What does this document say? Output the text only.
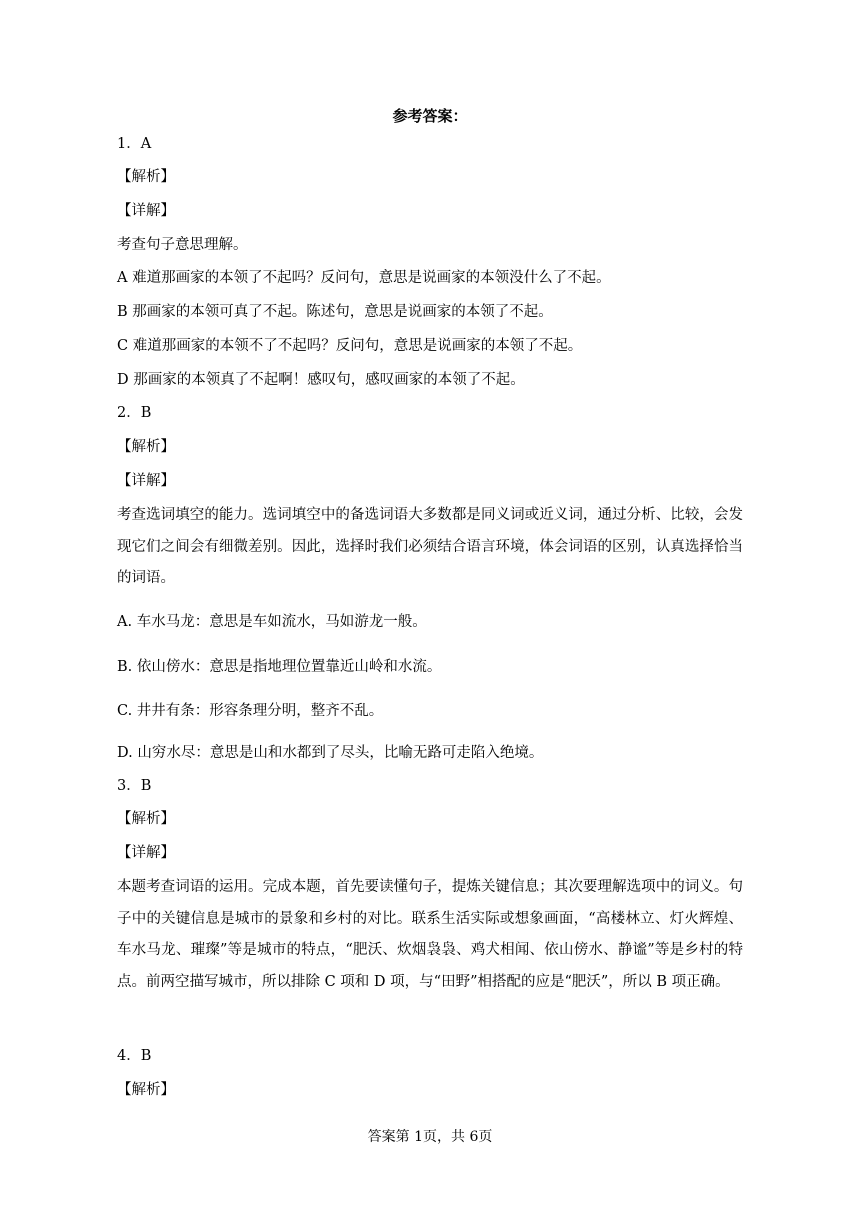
参考答案：
1．A
【解析】
【详解】
考查句子意思理解。
A 难道那画家的本领了不起吗？反问句，意思是说画家的本领没什么了不起。
B 那画家的本领可真了不起。陈述句，意思是说画家的本领了不起。
C 难道那画家的本领不了不起吗？反问句，意思是说画家的本领了不起。
D 那画家的本领真了不起啊！感叹句，感叹画家的本领了不起。
2．B
【解析】
【详解】
考查选词填空的能力。选词填空中的备选词语大多数都是同义词或近义词，通过分析、比较，会发现它们之间会有细微差别。因此，选择时我们必须结合语言环境，体会词语的区别，认真选择恰当的词语。
A. 车水马龙：意思是车如流水，马如游龙一般。
B. 依山傍水：意思是指地理位置靠近山岭和水流。
C. 井井有条：形容条理分明，整齐不乱。
D. 山穷水尽：意思是山和水都到了尽头，比喻无路可走陷入绝境。
3．B
【解析】
【详解】
本题考查词语的运用。完成本题，首先要读懂句子，提炼关键信息；其次要理解选项中的词义。句子中的关键信息是城市的景象和乡村的对比。联系生活实际或想象画面，“高楼林立、灯火辉煌、车水马龙、璀璨”等是城市的特点，“肥沃、炊烟袅袅、鸡犬相闻、依山傍水、静谧”等是乡村的特点。前两空描写城市，所以排除 C 项和 D 项，与“田野”相搭配的应是“肥沃”，所以 B 项正确。
4．B
【解析】
答案第 1页，共 6页
